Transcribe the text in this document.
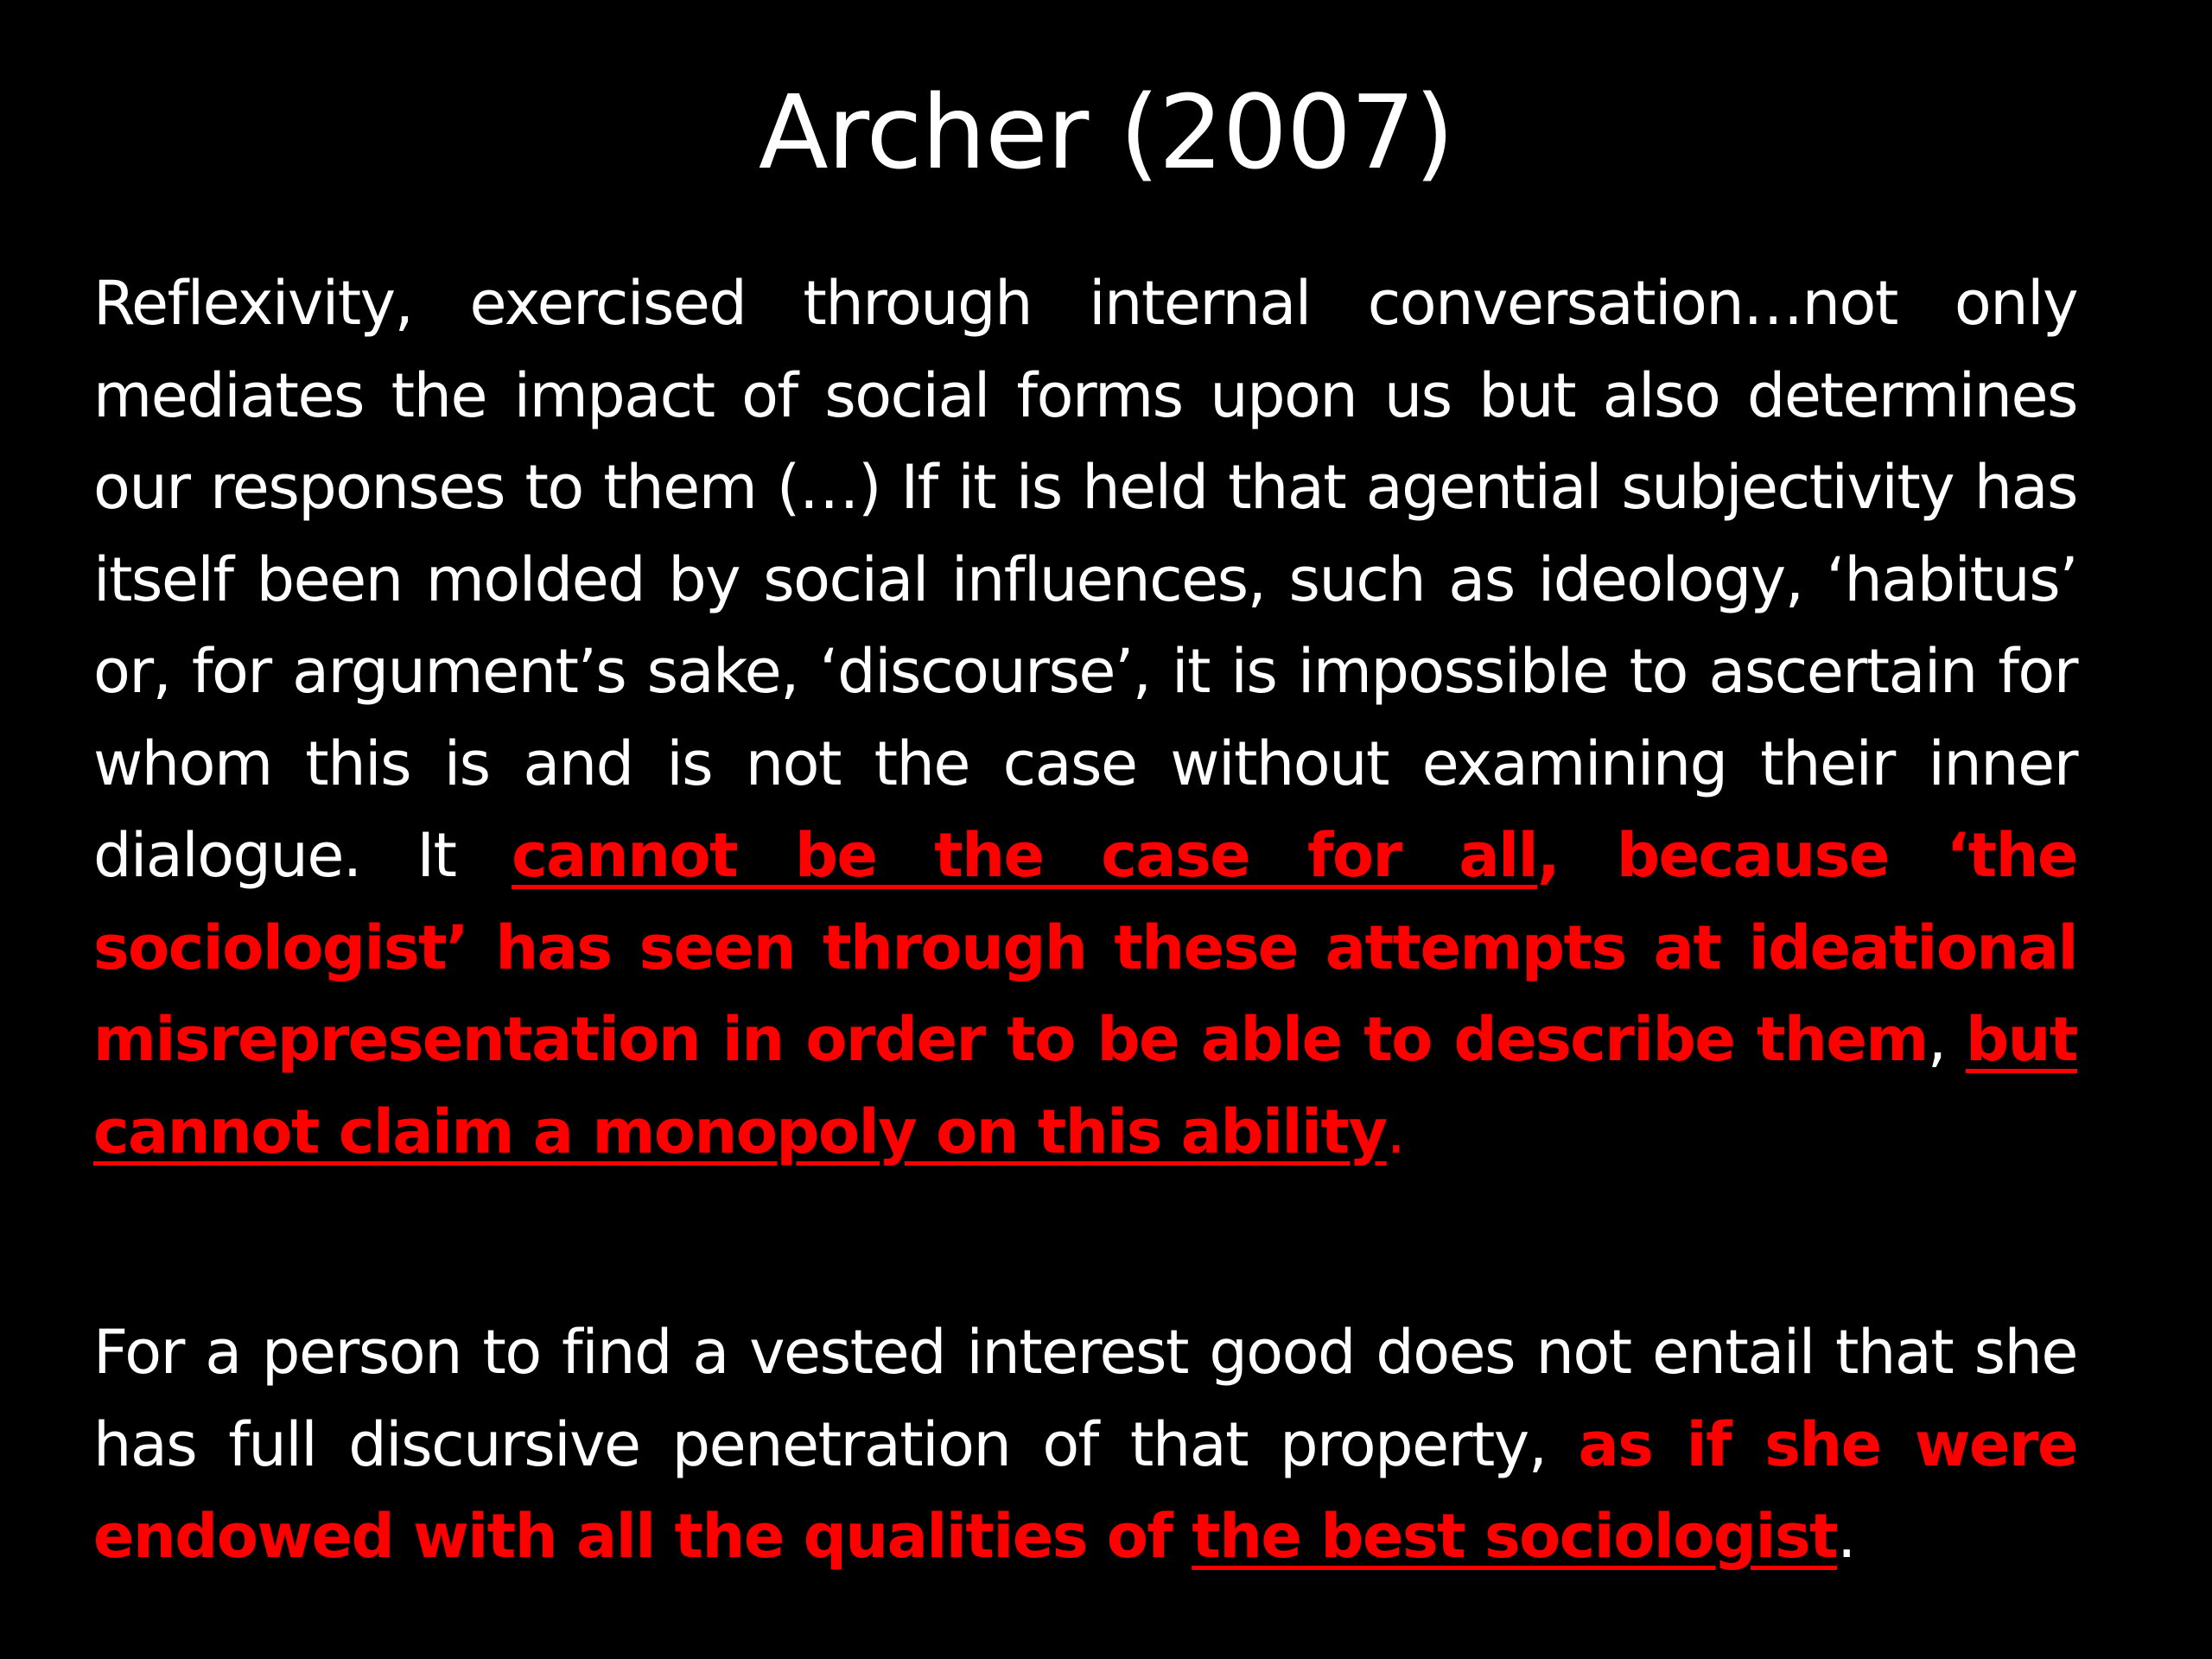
Archer (2007)
Reflexivity, exercised through internal conversation…not only mediates the impact of social forms upon us but also determines our responses to them (…) If it is held that agential subjectivity has itself been molded by social influences, such as ideology, ‘habitus’ or, for argument’s sake, ‘discourse’, it is impossible to ascertain for whom this is and is not the case without examining their inner dialogue. It cannot be the case for all, because ‘the sociologist’ has seen through these attempts at ideational misrepresentation in order to be able to describe them, but cannot claim a monopoly on this ability.
For a person to find a vested interest good does not entail that she has full discursive penetration of that property, as if she were endowed with all the qualities of the best sociologist.
